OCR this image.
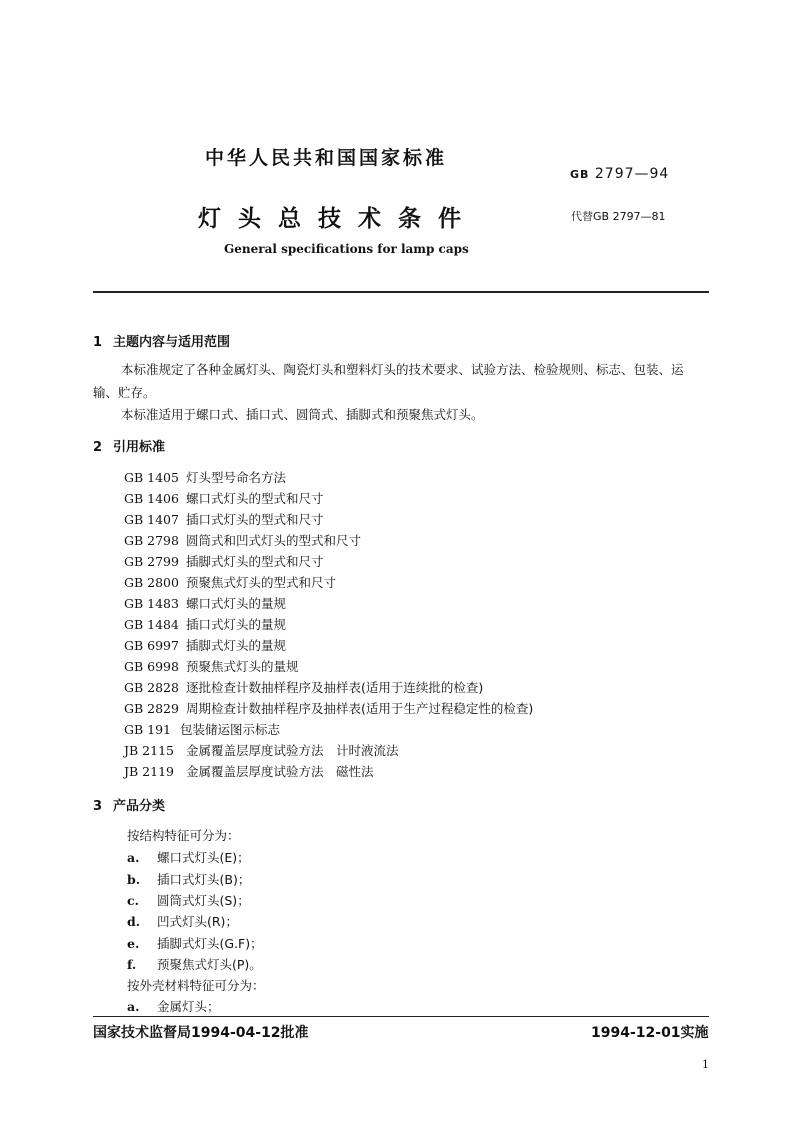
中华人民共和国国家标准
GB 2797—94
灯头总技术条件	代替GB 2797—81
General specifications for lamp caps
1 主题内容与适用范围
本标准规定了各种金属灯头、陶瓷灯头和塑料灯头的技术要求、试验方法、检验规则、标志、包装、运
输、贮存。
本标准适用于螺口式、插口式、圆筒式、插脚式和预聚焦式灯头。
2 引用标准
GB 1405 灯头型号命名方法
GB 1406 螺口式灯头的型式和尺寸
GB 1407 插口式灯头的型式和尺寸
GB 2798 圆筒式和凹式灯头的型式和尺寸
GB 2799 插脚式灯头的型式和尺寸
GB 2800 预聚焦式灯头的型式和尺寸
GB 1483 螺口式灯头的量规
GB 1484 插口式灯头的量规
GB 6997 插脚式灯头的量规
GB 6998 预聚焦式灯头的量规
GB 2828 逐批检查计数抽样程序及抽样表(适用于连续批的检查)
GB 2829 周期检查计数抽样程序及抽样表(适用于生产过程稳定性的检查)
GB 191 包装储运图示标志
JB 2115 金属覆盖层厚度试验方法　计时液流法
JB 2119 金属覆盖层厚度试验方法　磁性法
3 产品分类
按结构特征可分为：
a. 螺口式灯头(E)；
b. 插口式灯头(B)；
c. 圆筒式灯头(S)；
d. 凹式灯头(R)；
e. 插脚式灯头(G.F)；
f. 预聚焦式灯头(P)。
按外壳材料特征可分为：
a. 金属灯头；
国家技术监督局1994-04-12批准	1994-12-01实施
1
